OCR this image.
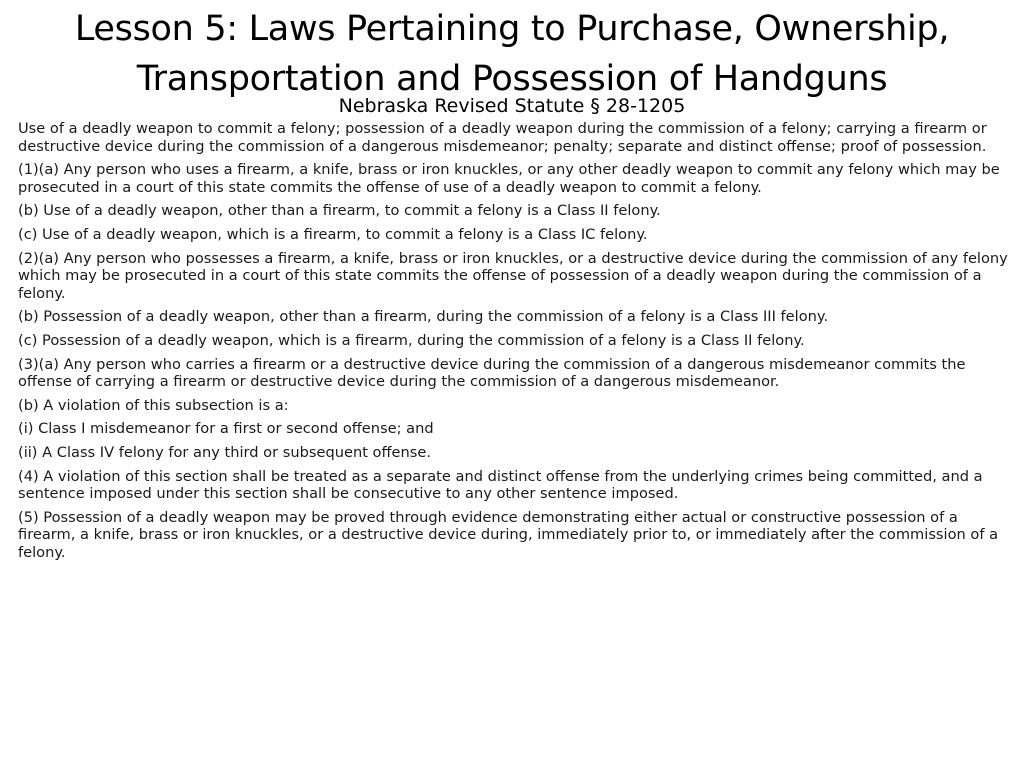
Lesson 5: Laws Pertaining to Purchase, Ownership,
Transportation and Possession of Handguns
Nebraska Revised Statute § 28-1205

Use of a deadly weapon to commit a felony; possession of a deadly weapon during the commission of a felony; carrying a firearm or destructive device during the commission of a dangerous misdemeanor; penalty; separate and distinct offense; proof of possession.

(1)(a) Any person who uses a firearm, a knife, brass or iron knuckles, or any other deadly weapon to commit any felony which may be prosecuted in a court of this state commits the offense of use of a deadly weapon to commit a felony.

(b) Use of a deadly weapon, other than a firearm, to commit a felony is a Class II felony.

(c) Use of a deadly weapon, which is a firearm, to commit a felony is a Class IC felony.

(2)(a) Any person who possesses a firearm, a knife, brass or iron knuckles, or a destructive device during the commission of any felony which may be prosecuted in a court of this state commits the offense of possession of a deadly weapon during the commission of a felony.

(b) Possession of a deadly weapon, other than a firearm, during the commission of a felony is a Class III felony.

(c) Possession of a deadly weapon, which is a firearm, during the commission of a felony is a Class II felony.

(3)(a) Any person who carries a firearm or a destructive device during the commission of a dangerous misdemeanor commits the offense of carrying a firearm or destructive device during the commission of a dangerous misdemeanor.

(b) A violation of this subsection is a:

(i) Class I misdemeanor for a first or second offense; and

(ii) A Class IV felony for any third or subsequent offense.

(4) A violation of this section shall be treated as a separate and distinct offense from the underlying crimes being committed, and a sentence imposed under this section shall be consecutive to any other sentence imposed.

(5) Possession of a deadly weapon may be proved through evidence demonstrating either actual or constructive possession of a firearm, a knife, brass or iron knuckles, or a destructive device during, immediately prior to, or immediately after the commission of a felony.
